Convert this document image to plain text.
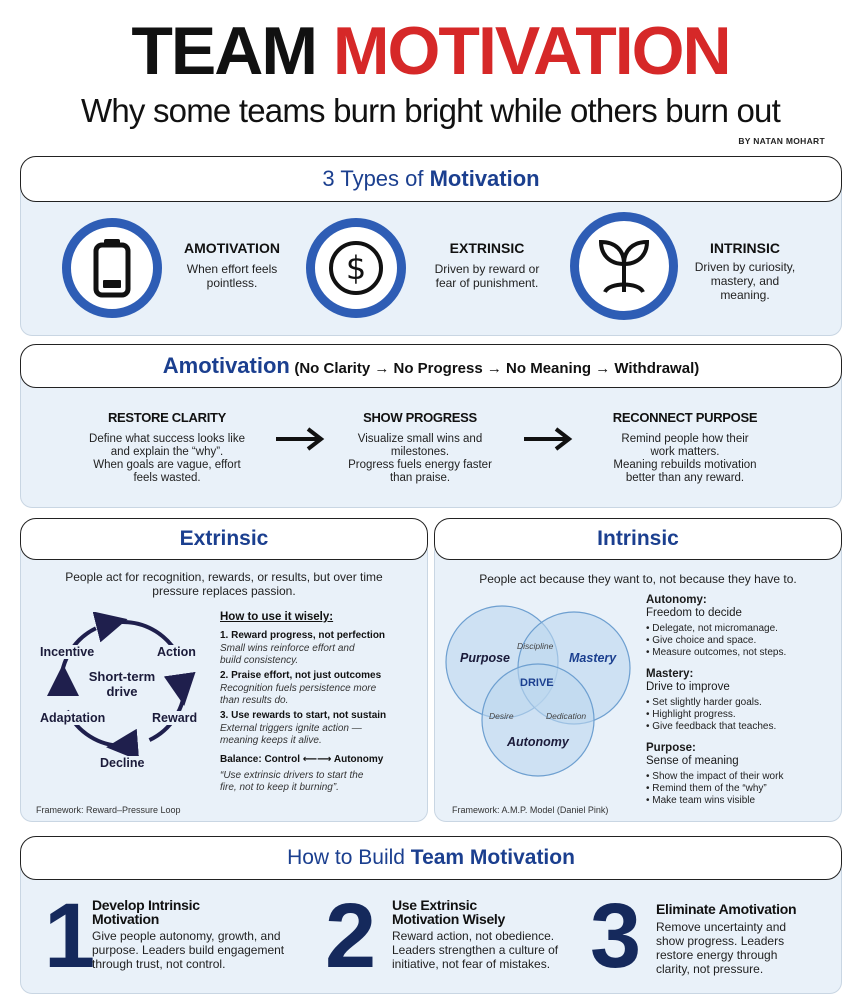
TEAM MOTIVATION
Why some teams burn bright while others burn out
BY NATAN MOHART
3 Types of Motivation
AMOTIVATION
When effort feels
pointless.	$
EXTRINSIC
Driven by reward or
fear of punishment.
INTRINSIC
Driven by curiosity,
mastery, and
meaning.
Amotivation (No Clarity → No Progress → No Meaning → Withdrawal)
RESTORE CLARITY
Define what success looks like
and explain the “why”.
When goals are vague, effort
feels wasted.
SHOW PROGRESS
Visualize small wins and
milestones.
Progress fuels energy faster
than praise.
RECONNECT PURPOSE
Remind people how their
work matters.
Meaning rebuilds motivation
better than any reward.
Extrinsic
People act for recognition, rewards, or results, but over time
pressure replaces passion.
Incentive	Action
Reward
Decline
Adaptation
Short-term
drive
How to use it wisely:
1. Reward progress, not perfection
Small wins reinforce effort and
build consistency.
2. Praise effort, not just outcomes
Recognition fuels persistence more
than results do.
3. Use rewards to start, not sustain
External triggers ignite action —
meaning keeps it alive.
Balance: Control ⟵⟶ Autonomy
“Use extrinsic drivers to start the
fire, not to keep it burning”.
Framework: Reward–Pressure Loop
Intrinsic
People act because they want to, not because they have to.
Purpose	Mastery
Autonomy
DRIVE
Discipline
Desire	Dedication
Framework: A.M.P. Model (Daniel Pink)
Autonomy:
Freedom to decide
• Delegate, not micromanage.
• Give choice and space.
• Measure outcomes, not steps.
Mastery:
Drive to improve
• Set slightly harder goals.
• Highlight progress.
• Give feedback that teaches.
Purpose:
Sense of meaning
• Show the impact of their work
• Remind them of the “why”
• Make team wins visible
How to Build Team Motivation
1
Develop Intrinsic
Motivation
Give people autonomy, growth, and
purpose. Leaders build engagement
through trust, not control.	2 Use Extrinsic
Motivation Wisely
Reward action, not obedience.
Leaders strengthen a culture of
initiative, not fear of mistakes. 3 Eliminate Amotivation
Remove uncertainty and
show progress. Leaders
restore energy through
clarity, not pressure.
